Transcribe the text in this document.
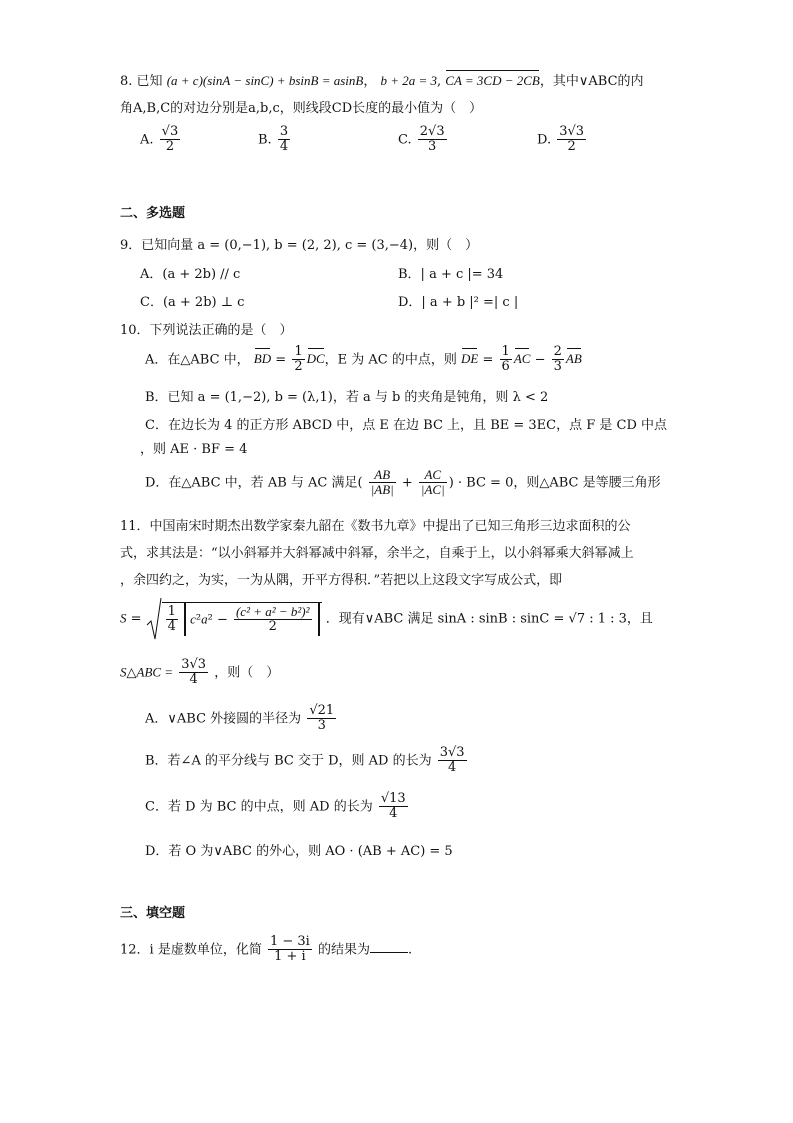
8. 已知 (a + c)(sinA − sinC) + bsinB = asinB， b + 2a = 3, CA = 3CD − 2CB，其中∨ABC的内
角A,B,C的对边分别是a,b,c，则线段CD长度的最小值为（　）
A. $\frac{√3}{2}$	B. $\frac{3}{4}$	C. $\frac{2√3}{3}$	D. $\frac{3√3}{2}$
二、多选题
9．已知向量 a = (0,−1), b = (2, 2), c = (3,−4)，则（　）
A．(a + 2b) // c	B．| a + c |= 34
C．(a + 2b) ⊥ c	D．| a + b |² =| c |
10．下列说法正确的是（　）
A．在△ABC 中， BD = $\frac{1}{2}$ DC，E 为 AC 的中点，则 DE = $\frac{1}{6}$ AC − $\frac{2}{3}$ AB
B．已知 a = (1,−2), b = (λ,1)，若 a 与 b 的夹角是钝角，则 λ < 2
C．在边长为 4 的正方形 ABCD 中，点 E 在边 BC 上，且 BE = 3EC，点 F 是 CD 中点
，则 AE · BF = 4
D．在△ABC 中，若 AB 与 AC 满足( $\frac{AB}{|AB|} + \frac{AC}{|AC|}$ ) · BC = 0，则△ABC 是等腰三角形
11．中国南宋时期杰出数学家秦九韶在《数书九章》中提出了已知三角形三边求面积的公
式，求其法是：“以小斜幂并大斜幂减中斜幂，余半之，自乘于上，以小斜幂乘大斜幂减上
，余四约之，为实，一为从隅，开平方得积．”若把以上这段文字写成公式，即
$S = \frac{1}{4} c^2a^2 - \frac{\text{(c² + a² − b²)²}}{2}$ ．现有∨ABC 满足 sinA : sinB : sinC = √7 : 1 : 3，且
S△ABC = $\frac{3√3}{4}$ ，则（　）
A．∨ABC 外接圆的半径为 $\frac{√21}{3}$
B．若∠A 的平分线与 BC 交于 D，则 AD 的长为 $\frac{3√3}{4}$
C．若 D 为 BC 的中点，则 AD 的长为 $\frac{√13}{4}$
D．若 O 为∨ABC 的外心，则 AO · (AB + AC) = 5
三、填空题
12．i 是虚数单位，化简 $\frac{1 - 3i}{1 + i}$ 的结果为	.
